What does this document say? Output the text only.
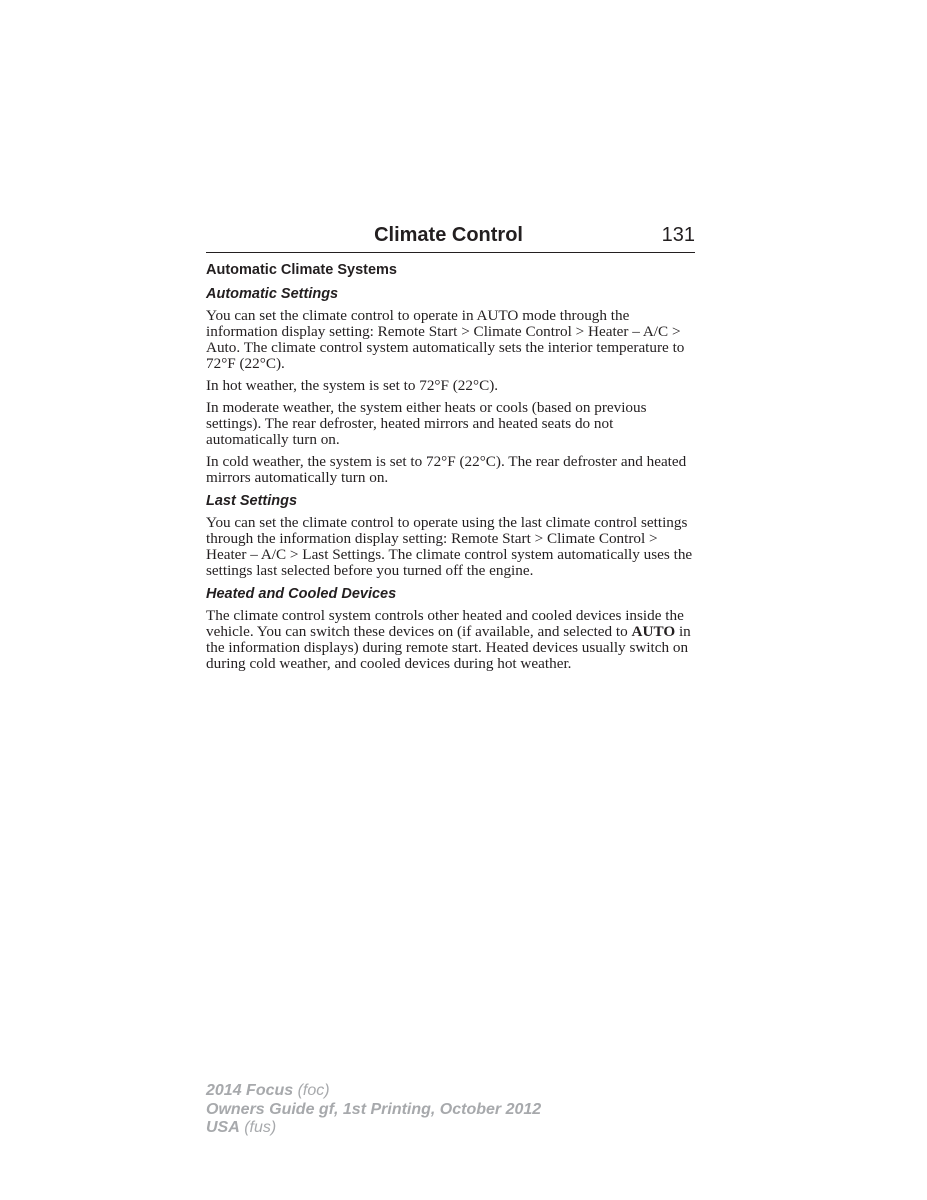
Climate Control	131
Automatic Climate Systems
Automatic Settings

You can set the climate control to operate in AUTO mode through the information display setting: Remote Start > Climate Control > Heater – A/C > Auto. The climate control system automatically sets the interior temperature to 72°F (22°C).

In hot weather, the system is set to 72°F (22°C).

In moderate weather, the system either heats or cools (based on previous settings). The rear defroster, heated mirrors and heated seats do not automatically turn on.

In cold weather, the system is set to 72°F (22°C). The rear defroster and heated mirrors automatically turn on.

Last Settings

You can set the climate control to operate using the last climate control settings through the information display setting: Remote Start > Climate Control > Heater – A/C > Last Settings. The climate control system automatically uses the settings last selected before you turned off the engine.

Heated and Cooled Devices

The climate control system controls other heated and cooled devices inside the vehicle. You can switch these devices on (if available, and selected to AUTO in the information displays) during remote start. Heated devices usually switch on during cold weather, and cooled devices during hot weather.

2014 Focus (foc)
Owners Guide gf, 1st Printing, October 2012
USA (fus)
